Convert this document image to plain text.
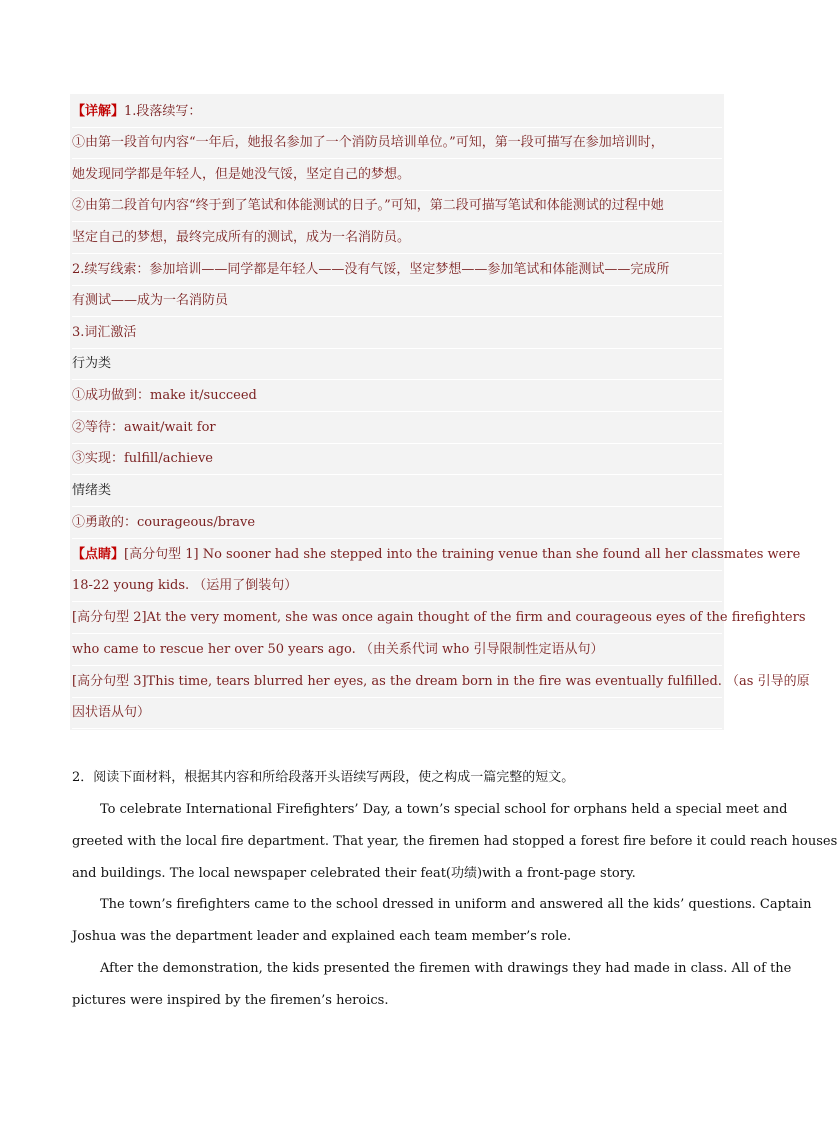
【详解】1.段落续写：
①由第一段首句内容“一年后，她报名参加了一个消防员培训单位。”可知，第一段可描写在参加培训时，
她发现同学都是年轻人，但是她没气馁，坚定自己的梦想。
②由第二段首句内容“终于到了笔试和体能测试的日子。”可知，第二段可描写笔试和体能测试的过程中她
坚定自己的梦想，最终完成所有的测试，成为一名消防员。
2.续写线索：参加培训——同学都是年轻人——没有气馁，坚定梦想——参加笔试和体能测试——完成所
有测试——成为一名消防员
3.词汇激活
行为类
①成功做到：make it/succeed
②等待：await/wait for
③实现：fulfill/achieve
情绪类
①勇敢的：courageous/brave
【点睛】[高分句型 1] No sooner had she stepped into the training venue than she found all her classmates were
18-22 young kids. （运用了倒装句）
[高分句型 2]At the very moment, she was once again thought of the firm and courageous eyes of the firefighters
who came to rescue her over 50 years ago. （由关系代词 who 引导限制性定语从句）
[高分句型 3]This time, tears blurred her eyes, as the dream born in the fire was eventually fulfilled. （as 引导的原
因状语从句）
2．阅读下面材料，根据其内容和所给段落开头语续写两段，使之构成一篇完整的短文。
To celebrate International Firefighters’ Day, a town’s special school for orphans held a special meet and
greeted with the local fire department. That year, the firemen had stopped a forest fire before it could reach houses
and buildings. The local newspaper celebrated their feat(功绩)with a front-page story.
The town’s firefighters came to the school dressed in uniform and answered all the kids’ questions. Captain
Joshua was the department leader and explained each team member’s role.
After the demonstration, the kids presented the firemen with drawings they had made in class. All of the
pictures were inspired by the firemen’s heroics.
